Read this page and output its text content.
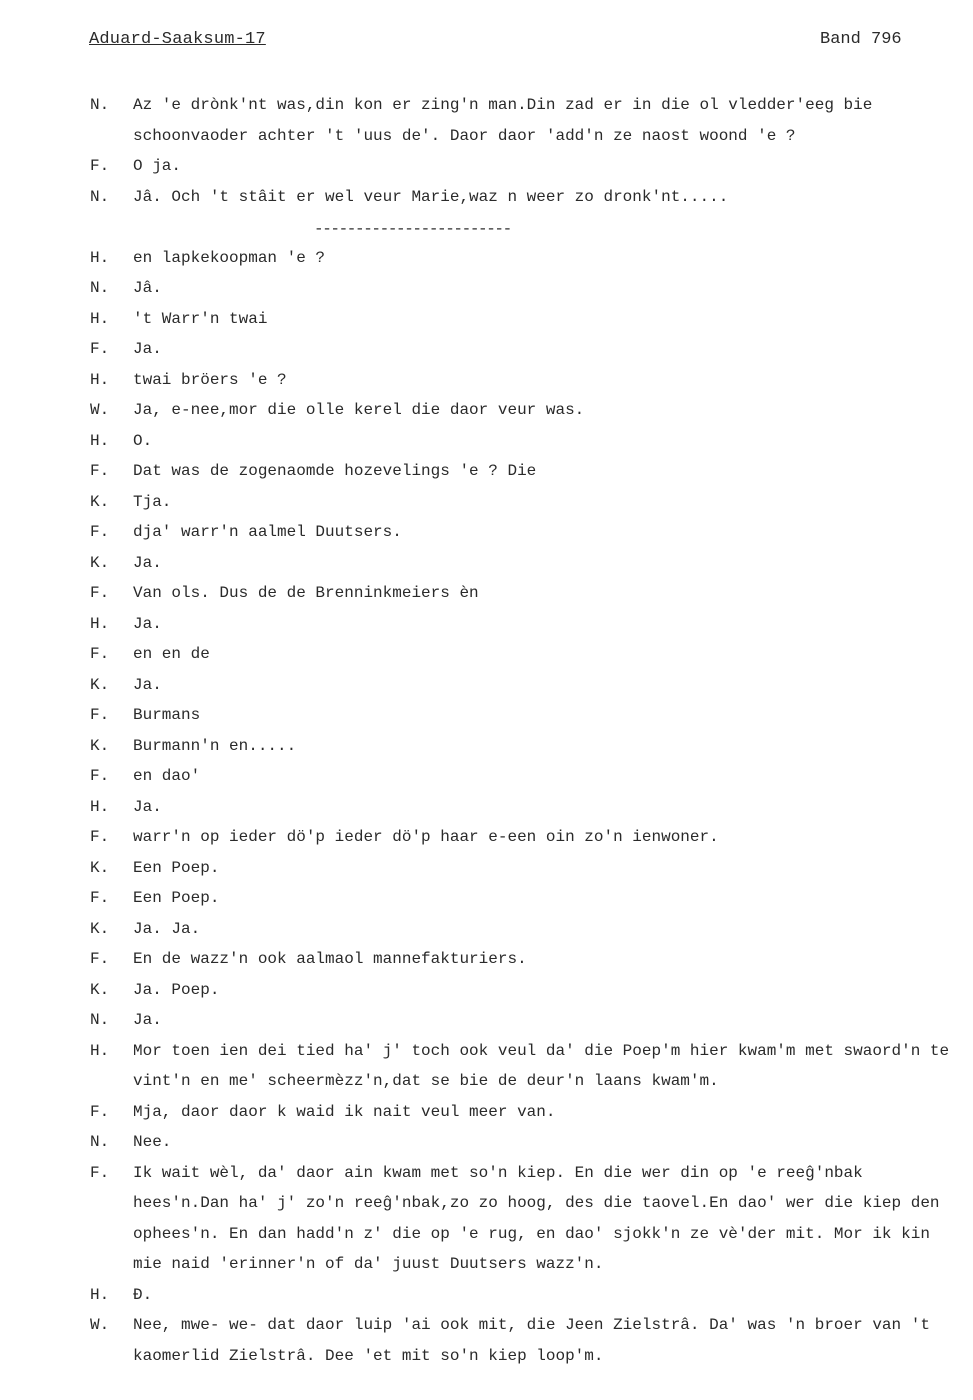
Aduard-Saaksum-17	Band 796
N. Az 'e drònk'nt was,din kon er zing'n man.Din zad er in die ol vledder'eeg bie schoonvaoder achter 't 'uus de'. Daor daor 'add'n ze naost woond 'e ?
F. O ja.
N. Jâ. Och 't stâit er wel veur Marie,waz n weer zo dronk'nt.....
------------------------
H. en lapkekoopman 'e ?
N. Jâ.
H. 't Warr'n twai
F. Ja.
H. twai bröers 'e ?
W. Ja, e-nee,mor die olle kerel die daor veur was.
H. O.
F. Dat was de zogenaomde hozevelings 'e ? Die
K. Tja.
F. dja' warr'n aalmel Duutsers.
K. Ja.
F. Van ols. Dus de de Brenninkmeiers èn
H. Ja.
F. en en de
K. Ja.
F. Burmans
K. Burmann'n en.....
F. en dao'
H. Ja.
F. warr'n op ieder dö'p ieder dö'p haar e-een oin zo'n ienwoner.
K. Een Poep.
F. Een Poep.
K. Ja. Ja.
F. En de wazz'n ook aalmaol mannefakturiers.
K. Ja. Poep.
N. Ja.
H. Mor toen ien dei tied ha' j' toch ook veul da' die Poep'm hier kwam'm met swaord'n te vint'n en me' scheermèzz'n,dat se bie de deur'n laans kwam'm.
F. Mja, daor daor k waid ik nait veul meer van.
N. Nee.
F. Ik wait wèl, da' daor ain kwam met so'n kiep. En die wer din op 'e reeĝ'nbak hees'n.Dan ha' j' zo'n reeĝ'nbak,zo zo hoog, des die taovel.En dao' wer die kiep den ophees'n. En dan hadd'n z' die op 'e rug, en dao' sjokk'n ze vè'der mit. Mor ik kin mie naid 'erinner'n of da' juust Duutsers wazz'n.
H. Ð.
W. Nee, mwe- we- dat daor luip 'ai ook mit, die Jeen Zielstrâ. Da' was 'n broer van 't kaomerlid Zielstrâ. Dee 'et mit so'n kiep loop'm.
